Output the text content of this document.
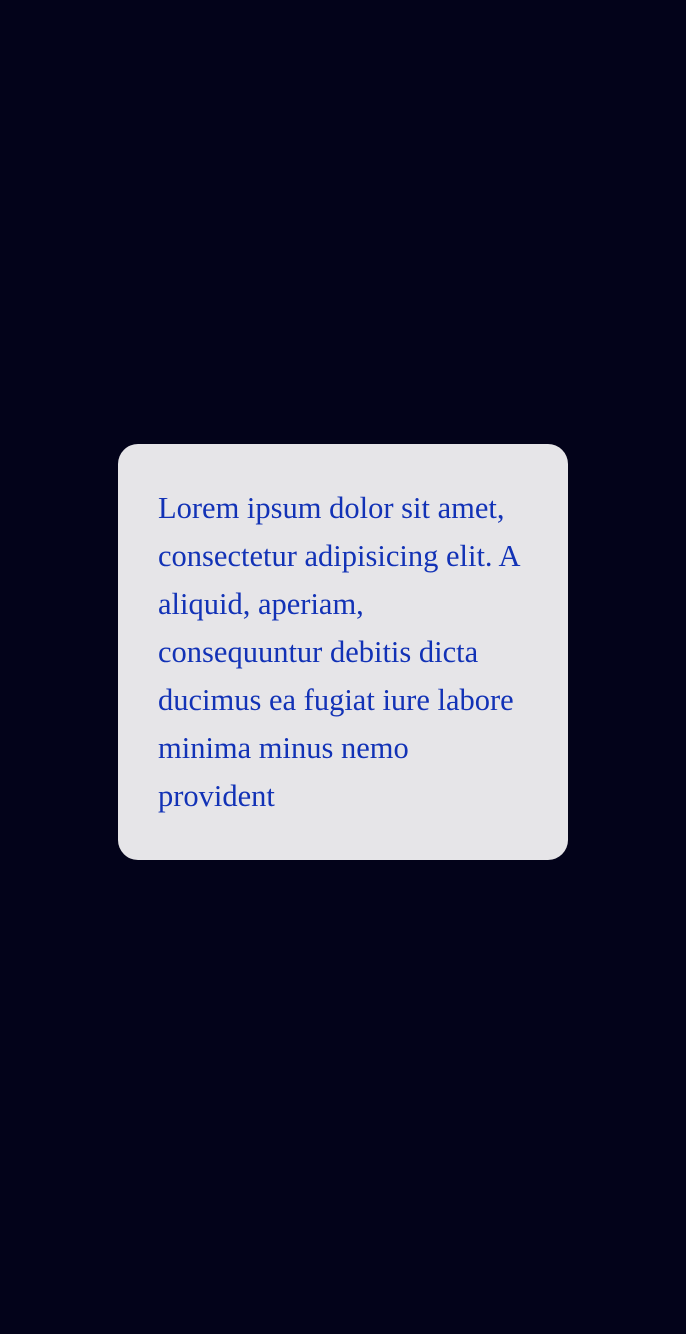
Lorem ipsum dolor sit amet, consectetur adipisicing elit. A aliquid, aperiam, consequuntur debitis dicta ducimus ea fugiat iure labore minima minus nemo provident
